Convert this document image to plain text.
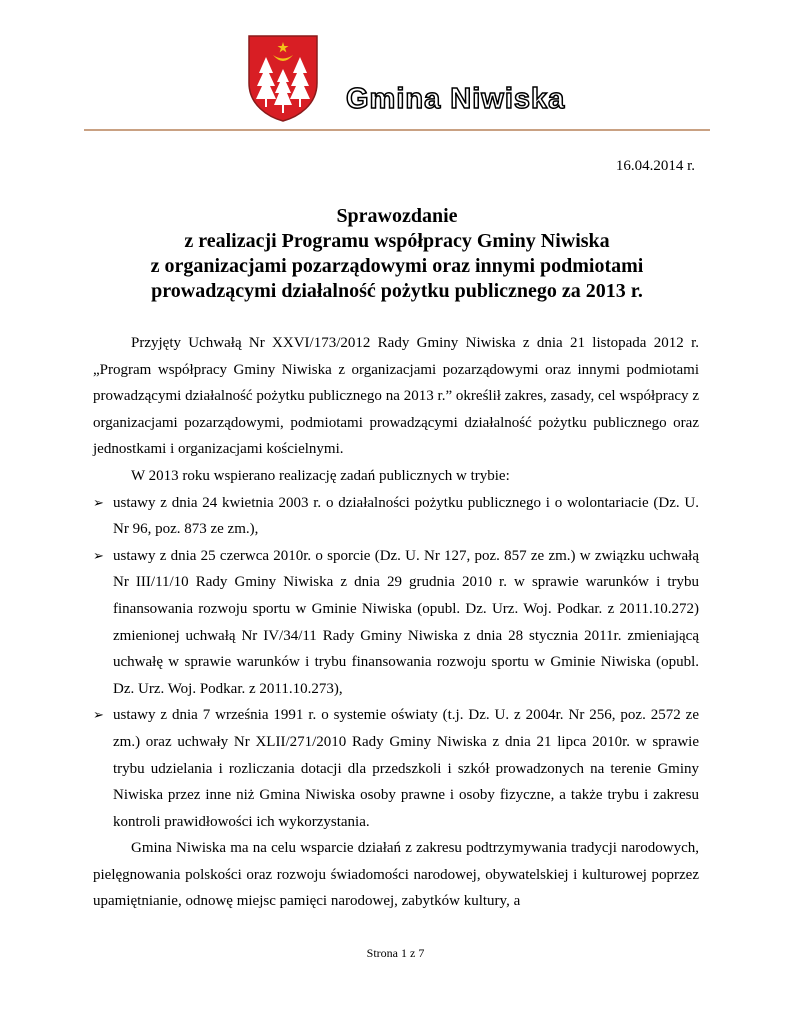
Gmina Niwiska
16.04.2014 r.
Sprawozdanie
z realizacji Programu współpracy Gminy Niwiska
z organizacjami pozarządowymi oraz innymi podmiotami
prowadzącymi działalność pożytku publicznego za 2013 r.

Przyjęty Uchwałą Nr XXVI/173/2012 Rady Gminy Niwiska z dnia 21 listopada 2012 r. „Program współpracy Gminy Niwiska z organizacjami pozarządowymi oraz innymi podmiotami prowadzącymi działalność pożytku publicznego na 2013 r.” określił zakres, zasady, cel współpracy z organizacjami pozarządowymi, podmiotami prowadzącymi działalność pożytku publicznego oraz jednostkami i organizacjami kościelnymi.

W 2013 roku wspierano realizację zadań publicznych w trybie:

➢ ustawy z dnia 24 kwietnia 2003 r. o działalności pożytku publicznego i o wolontariacie (Dz. U. Nr 96, poz. 873 ze zm.),
➢ ustawy z dnia 25 czerwca 2010r. o sporcie (Dz. U. Nr 127, poz. 857 ze zm.) w związku uchwałą Nr III/11/10 Rady Gminy Niwiska z dnia 29 grudnia 2010 r. w sprawie warunków i trybu finansowania rozwoju sportu w Gminie Niwiska (opubl. Dz. Urz. Woj. Podkar. z 2011.10.272) zmienionej uchwałą Nr IV/34/11 Rady Gminy Niwiska z dnia 28 stycznia 2011r. zmieniającą uchwałę w sprawie warunków i trybu finansowania rozwoju sportu w Gminie Niwiska (opubl. Dz. Urz. Woj. Podkar. z 2011.10.273),
➢ ustawy z dnia 7 września 1991 r. o systemie oświaty (t.j. Dz. U. z 2004r. Nr 256, poz. 2572 ze zm.) oraz uchwały Nr XLII/271/2010 Rady Gminy Niwiska z dnia 21 lipca 2010r. w sprawie trybu udzielania i rozliczania dotacji dla przedszkoli i szkół prowadzonych na terenie Gminy Niwiska przez inne niż Gmina Niwiska osoby prawne i osoby fizyczne, a także trybu i zakresu kontroli prawidłowości ich wykorzystania.

Gmina Niwiska ma na celu wsparcie działań z zakresu podtrzymywania tradycji narodowych, pielęgnowania polskości oraz rozwoju świadomości narodowej, obywatelskiej i kulturowej poprzez upamiętnianie, odnowę miejsc pamięci narodowej, zabytków kultury, a

Strona 1 z 7
